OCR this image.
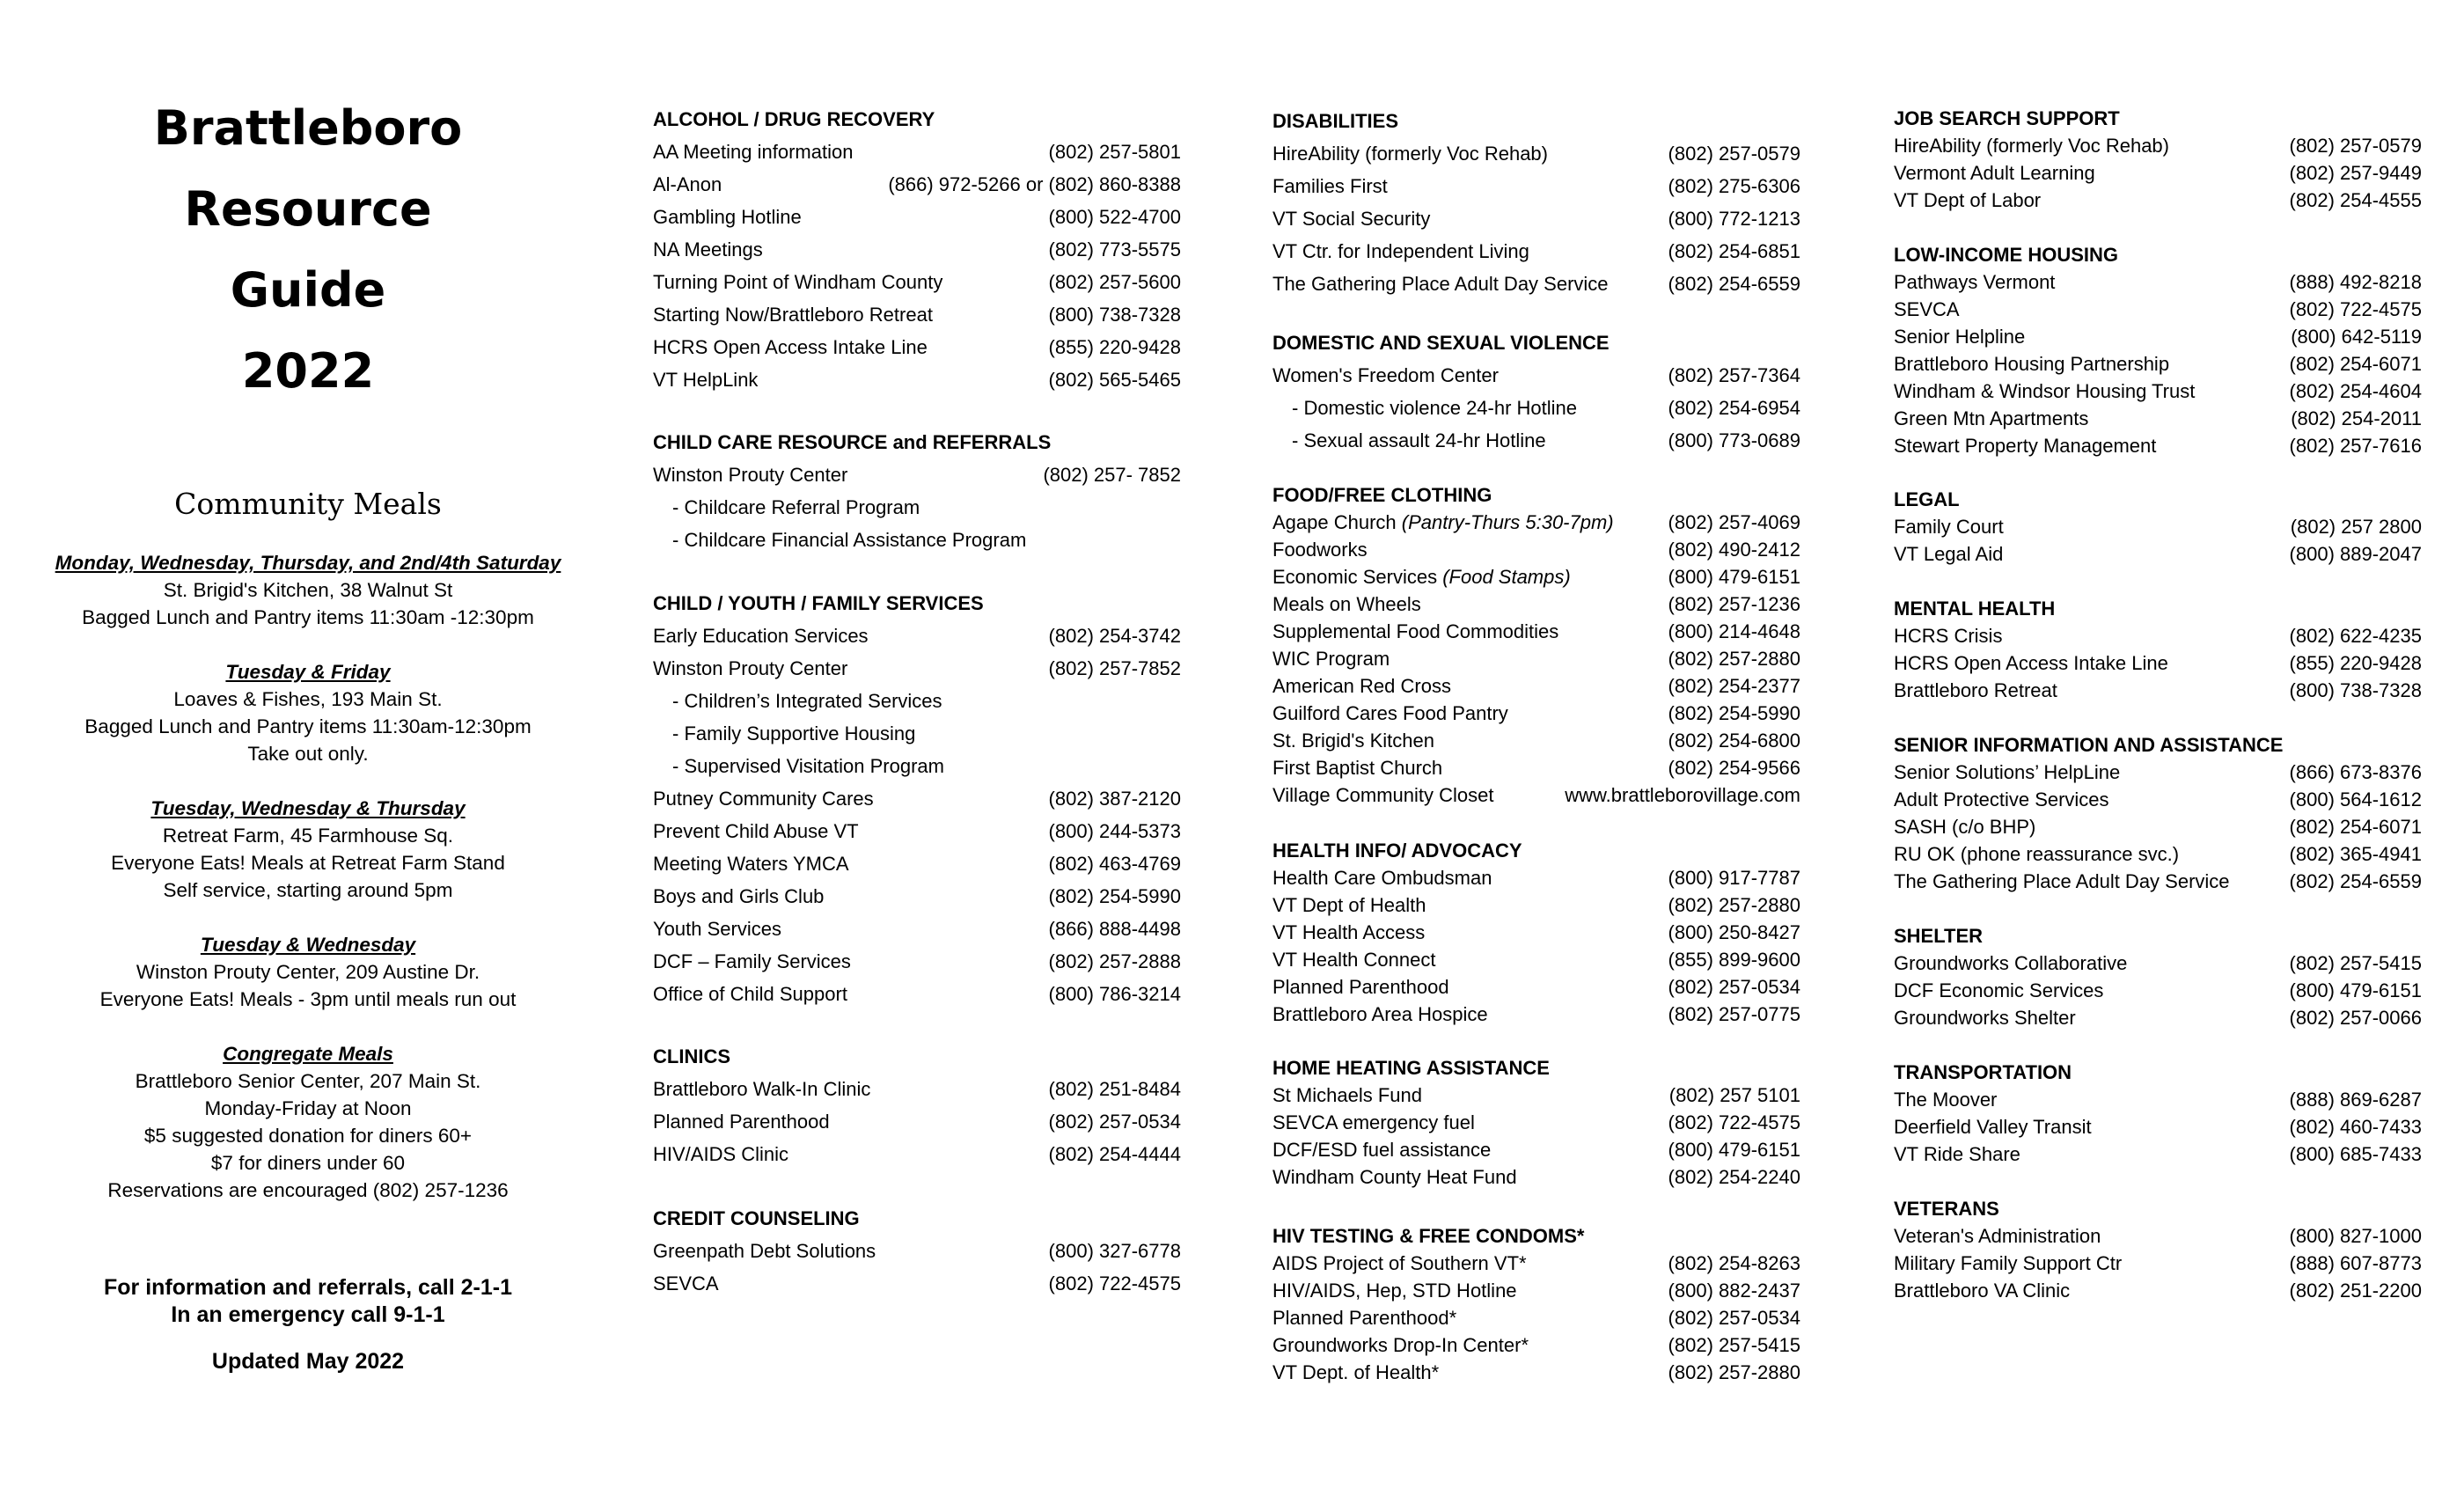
Brattleboro

Resource

Guide

2022

Community Meals
Monday, Wednesday, Thursday, and 2nd/4th Saturday
St. Brigid's Kitchen, 38 Walnut St
Bagged Lunch and Pantry items 11:30am -12:30pm
Tuesday & Friday
Loaves & Fishes, 193 Main St.
Bagged Lunch and Pantry items 11:30am-12:30pm
Take out only.
Tuesday, Wednesday & Thursday
Retreat Farm, 45 Farmhouse Sq.
Everyone Eats! Meals at Retreat Farm Stand
Self service, starting around 5pm
Tuesday & Wednesday
Winston Prouty Center, 209 Austine Dr.
Everyone Eats! Meals - 3pm until meals run out
Congregate Meals
Brattleboro Senior Center, 207 Main St.
Monday-Friday at Noon
$5 suggested donation for diners 60+
$7 for diners under 60
Reservations are encouraged (802) 257-1236
For information and referrals, call 2-1-1
In an emergency call 9-1-1
Updated May 2022
ALCOHOL / DRUG RECOVERY
AA Meeting information	(802) 257-5801
Al-Anon	(866) 972-5266 or (802) 860-8388
Gambling Hotline	(800) 522-4700
NA Meetings	(802) 773-5575
Turning Point of Windham County	(802) 257-5600
Starting Now/Brattleboro Retreat	(800) 738-7328
HCRS Open Access Intake Line	(855) 220-9428
VT HelpLink	(802) 565-5465
CHILD CARE RESOURCE and REFERRALS
Winston Prouty Center	(802) 257- 7852
- Childcare Referral Program
- Childcare Financial Assistance Program
CHILD / YOUTH / FAMILY SERVICES
Early Education Services	(802) 254-3742
Winston Prouty Center	(802) 257-7852
- Children’s Integrated Services
- Family Supportive Housing
- Supervised Visitation Program
Putney Community Cares	(802) 387-2120
Prevent Child Abuse VT	(800) 244-5373
Meeting Waters YMCA	(802) 463-4769
Boys and Girls Club	(802) 254-5990
Youth Services	(866) 888-4498
DCF – Family Services	(802) 257-2888
Office of Child Support	(800) 786-3214
CLINICS
Brattleboro Walk-In Clinic	(802) 251-8484
Planned Parenthood	(802) 257-0534
HIV/AIDS Clinic	(802) 254-4444
CREDIT COUNSELING
Greenpath Debt Solutions	(800) 327-6778
SEVCA	(802) 722-4575
DISABILITIES
HireAbility (formerly Voc Rehab)	(802) 257-0579
Families First	(802) 275-6306
VT Social Security	(800) 772-1213
VT Ctr. for Independent Living	(802) 254-6851
The Gathering Place Adult Day Service	(802) 254-6559
DOMESTIC AND SEXUAL VIOLENCE
Women's Freedom Center	(802) 257-7364
- Domestic violence 24-hr Hotline	(802) 254-6954
- Sexual assault 24-hr Hotline	(800) 773-0689
FOOD/FREE CLOTHING
Agape Church (Pantry-Thurs 5:30-7pm)	(802) 257-4069
Foodworks	(802) 490-2412
Economic Services (Food Stamps)	(800) 479-6151
Meals on Wheels	(802) 257-1236
Supplemental Food Commodities	(800) 214-4648
WIC Program	(802) 257-2880
American Red Cross	(802) 254-2377
Guilford Cares Food Pantry	(802) 254-5990
St. Brigid's Kitchen	(802) 254-6800
First Baptist Church	(802) 254-9566
Village Community Closet	www.brattleborovillage.com
HEALTH INFO/ ADVOCACY
Health Care Ombudsman	(800) 917-7787
VT Dept of Health	(802) 257-2880
VT Health Access	(800) 250-8427
VT Health Connect	(855) 899-9600
Planned Parenthood	(802) 257-0534
Brattleboro Area Hospice	(802) 257-0775
HOME HEATING ASSISTANCE
St Michaels Fund	(802) 257 5101
SEVCA emergency fuel	(802) 722-4575
DCF/ESD fuel assistance	(800) 479-6151
Windham County Heat Fund	(802) 254-2240
HIV TESTING & FREE CONDOMS*
AIDS Project of Southern VT*	(802) 254-8263
HIV/AIDS, Hep, STD Hotline	(800) 882-2437
Planned Parenthood*	(802) 257-0534
Groundworks Drop-In Center*	(802) 257-5415
VT Dept. of Health*	(802) 257-2880
JOB SEARCH SUPPORT
HireAbility (formerly Voc Rehab)	(802) 257-0579
Vermont Adult Learning	(802) 257-9449
VT Dept of Labor	(802) 254-4555
LOW-INCOME HOUSING
Pathways Vermont	(888) 492-8218
SEVCA	(802) 722-4575
Senior Helpline	(800) 642-5119
Brattleboro Housing Partnership	(802) 254-6071
Windham & Windsor Housing Trust	(802) 254-4604
Green Mtn Apartments	(802) 254-2011
Stewart Property Management	(802) 257-7616
LEGAL
Family Court	(802) 257 2800
VT Legal Aid	(800) 889-2047
MENTAL HEALTH
HCRS Crisis	(802) 622-4235
HCRS Open Access Intake Line	(855) 220-9428
Brattleboro Retreat	(800) 738-7328
SENIOR INFORMATION AND ASSISTANCE
Senior Solutions’ HelpLine	(866) 673-8376
Adult Protective Services	(800) 564-1612
SASH (c/o BHP)	(802) 254-6071
RU OK (phone reassurance svc.)	(802) 365-4941
The Gathering Place Adult Day Service	(802) 254-6559
SHELTER
Groundworks Collaborative	(802) 257-5415
DCF Economic Services	(800) 479-6151
Groundworks Shelter	(802) 257-0066
TRANSPORTATION
The Moover	(888) 869-6287
Deerfield Valley Transit	(802) 460-7433
VT Ride Share	(800) 685-7433
VETERANS
Veteran's Administration	(800) 827-1000
Military Family Support Ctr	(888) 607-8773
Brattleboro VA Clinic	(802) 251-2200
